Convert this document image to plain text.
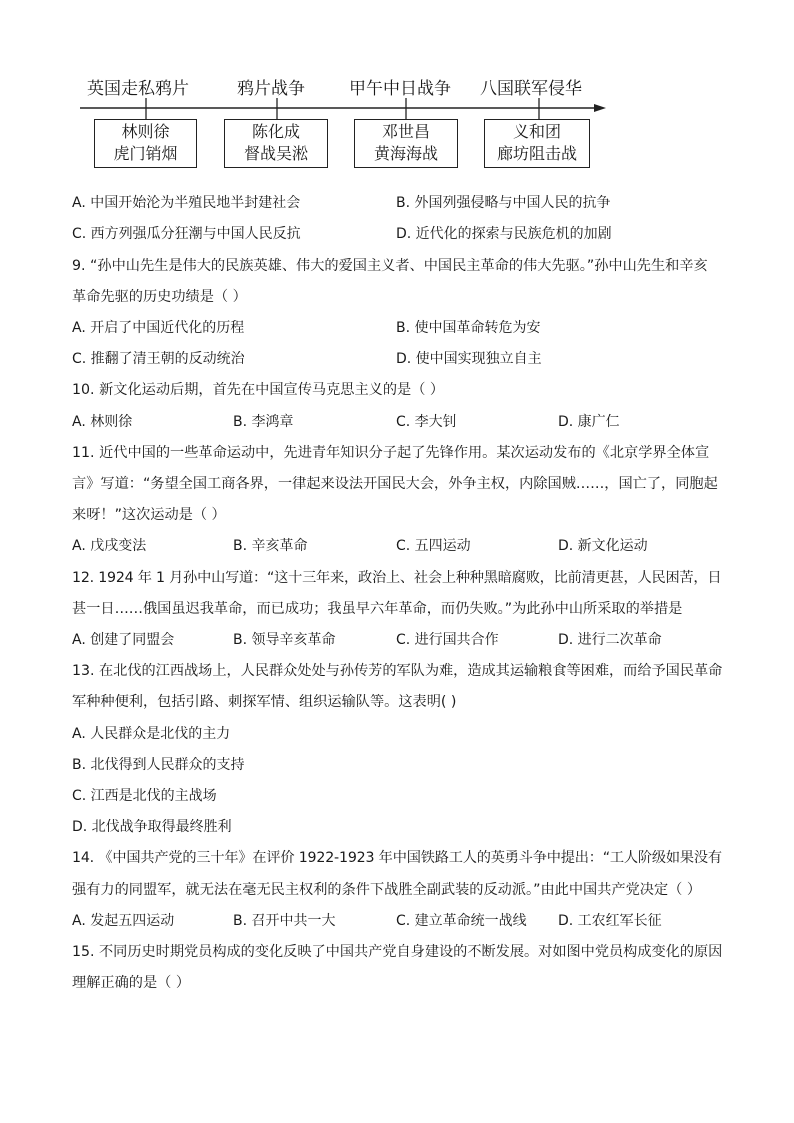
英国走私鸦片	鸦片战争	甲午中日战争 八国联军侵华
林则徐
虎门销烟
陈化成
督战吴淞
邓世昌
黄海海战
义和团
廊坊阻击战
A. 中国开始沦为半殖民地半封建社会	B. 外国列强侵略与中国人民的抗争
C. 西方列强瓜分狂潮与中国人民反抗	D. 近代化的探索与民族危机的加剧
9. “孙中山先生是伟大的民族英雄、伟大的爱国主义者、中国民主革命的伟大先驱。”孙中山先生和辛亥
革命先驱的历史功绩是（ ）
A. 开启了中国近代化的历程	B. 使中国革命转危为安
C. 推翻了清王朝的反动统治	D. 使中国实现独立自主
10. 新文化运动后期，首先在中国宣传马克思主义的是（ ）
A. 林则徐	B. 李鸿章	C. 李大钊	D. 康广仁
11. 近代中国的一些革命运动中，先进青年知识分子起了先锋作用。某次运动发布的《北京学界全体宣
言》写道：“务望全国工商各界，一律起来设法开国民大会，外争主权，内除国贼……，国亡了，同胞起
来呀！”这次运动是（ ）
A. 戊戌变法	B. 辛亥革命	C. 五四运动	D. 新文化运动
12. 1924 年 1 月孙中山写道：“这十三年来，政治上、社会上种种黑暗腐败，比前清更甚，人民困苦，日
甚一日……俄国虽迟我革命，而已成功；我虽早六年革命，而仍失败。”为此孙中山所采取的举措是
A. 创建了同盟会	B. 领导辛亥革命	C. 进行国共合作	D. 进行二次革命
13. 在北伐的江西战场上，人民群众处处与孙传芳的军队为难，造成其运输粮食等困难，而给予国民革命
军种种便利，包括引路、刺探军情、组织运输队等。这表明( )
A. 人民群众是北伐的主力
B. 北伐得到人民群众的支持
C. 江西是北伐的主战场
D. 北伐战争取得最终胜利
14. 《中国共产党的三十年》在评价 1922-1923 年中国铁路工人的英勇斗争中提出：“工人阶级如果没有
强有力的同盟军，就无法在毫无民主权利的条件下战胜全副武装的反动派。”由此中国共产党决定（ ）
A. 发起五四运动	B. 召开中共一大	C. 建立革命统一战线 D. 工农红军长征
15. 不同历史时期党员构成的变化反映了中国共产党自身建设的不断发展。对如图中党员构成变化的原因
理解正确的是（ ）
